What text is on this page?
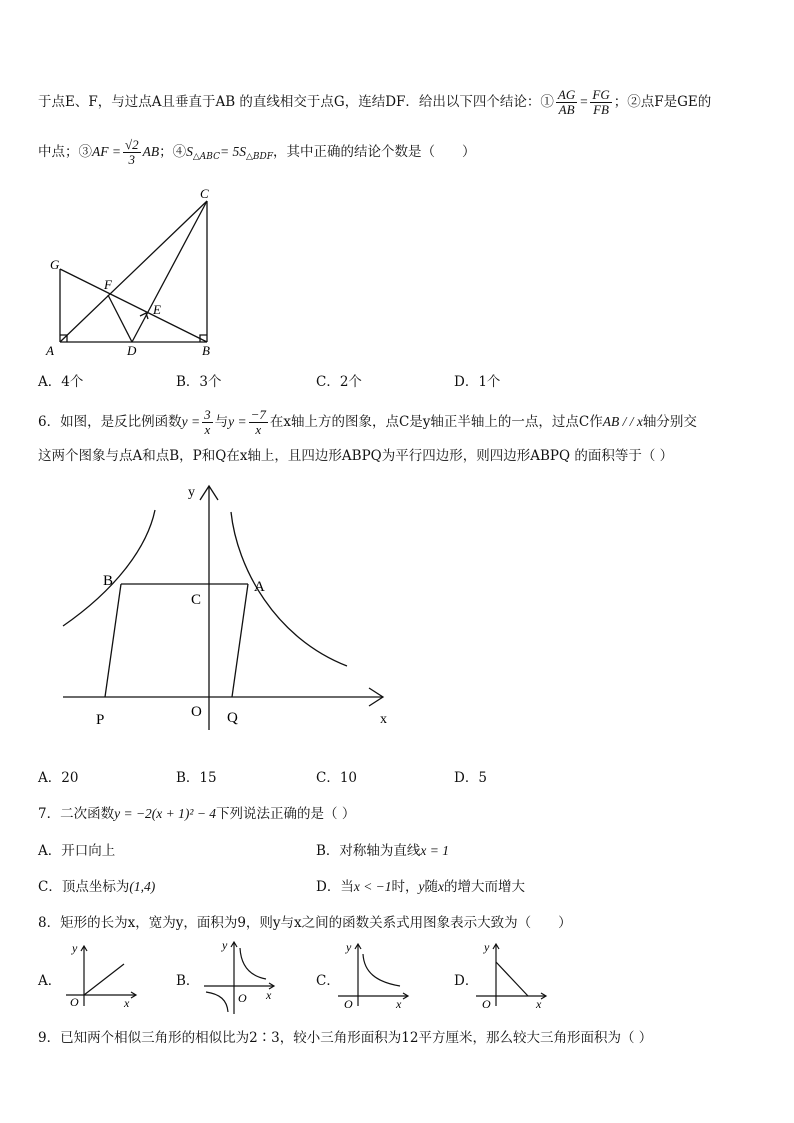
于点E、F，与过点A且垂直于AB 的直线相交于点G，连结DF．给出以下四个结论：① $\frac{AG}{AB} = \frac{FG}{FB}$ ；②点F是GE的
中点；③AF = $\frac{√2}{3}$ AB；$④S_{\triangle ABC}= 5S_{\triangle BDF}$，其中正确的结论个数是（　　）
C
G
F
E
A	D	B
A．4个	B．3个	C．2个	D．1个
6．如图，是反比例函数$y = \frac{3}{x}$ 与$y = \frac{-7}{x}$ 在x轴上方的图象，点C是y轴正半轴上的一点，过点C作AB / / x轴分别交
这两个图象与点A和点B，P和Q在x轴上，且四边形ABPQ为平行四边形，则四边形ABPQ 的面积等于（ ）
y
x
B	A
C
O
P	Q
A．20	B．15	C．10	D．5
7．二次函数y = −2(x + 1)² − 4下列说法正确的是（ ）
A．开口向上	B．对称轴为直线x = 1
C．顶点坐标为(1,4)	D．当x < −1时，y随x的增大而增大
8．矩形的长为x，宽为y，面积为9，则y与x之间的函数关系式用图象表示大致为（　　）
A．
y
x
O
B．
y
x
O
C．
y
x
O
D．
y
x
O
9．已知两个相似三角形的相似比为2∶3，较小三角形面积为12平方厘米，那么较大三角形面积为（ ）
